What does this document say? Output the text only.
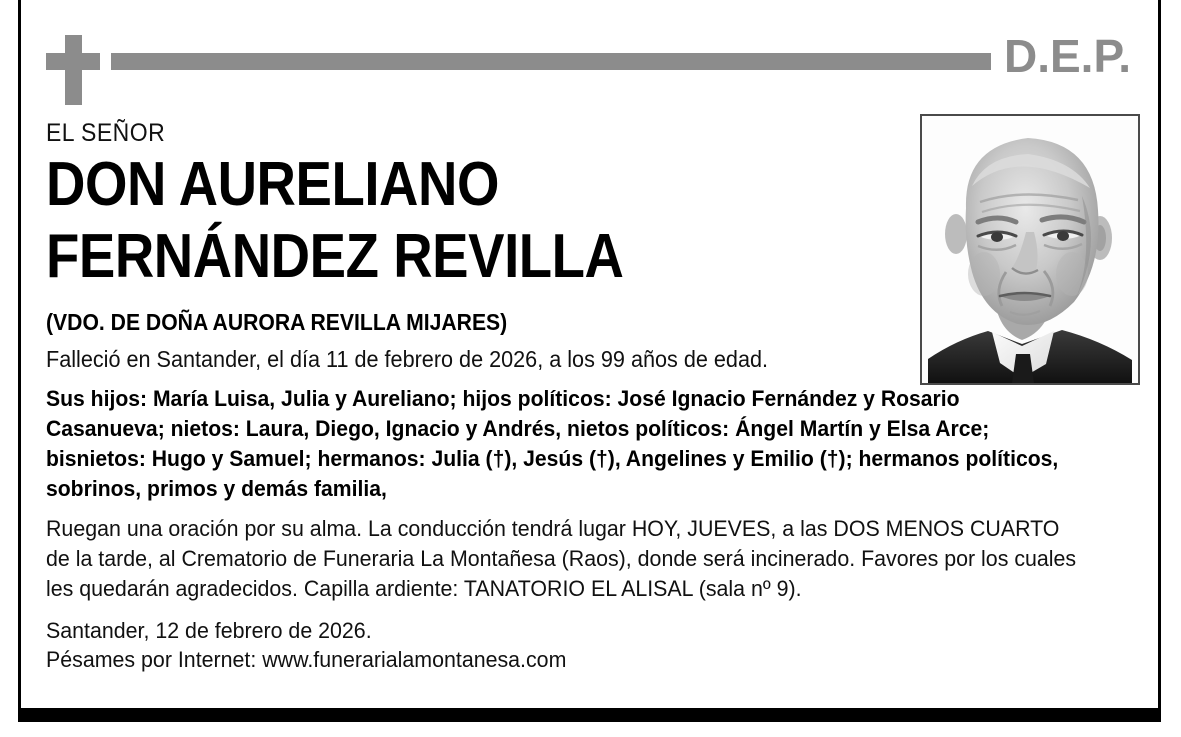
D.E.P.
EL SEÑOR
DON AURELIANO
FERNÁNDEZ REVILLA
(VDO. DE DOÑA AURORA REVILLA MIJARES)
Falleció en Santander, el día 11 de febrero de 2026, a los 99 años de edad.
Sus hijos: María Luisa, Julia y Aureliano; hijos políticos: José Ignacio Fernández y Rosario Casanueva; nietos: Laura, Diego, Ignacio y Andrés, nietos políticos: Ángel Martín y Elsa Arce; bisnietos: Hugo y Samuel; hermanos: Julia (†), Jesús (†), Angelines y Emilio (†); hermanos políticos, sobrinos, primos y demás familia,
Ruegan una oración por su alma. La conducción tendrá lugar HOY, JUEVES, a las DOS MENOS CUARTO de la tarde, al Crematorio de Funeraria La Montañesa (Raos), donde será incinerado. Favores por los cuales les quedarán agradecidos. Capilla ardiente: TANATORIO EL ALISAL (sala nº 9).
Santander, 12 de febrero de 2026.
Pésames por Internet: www.funerarialamontanesa.com
